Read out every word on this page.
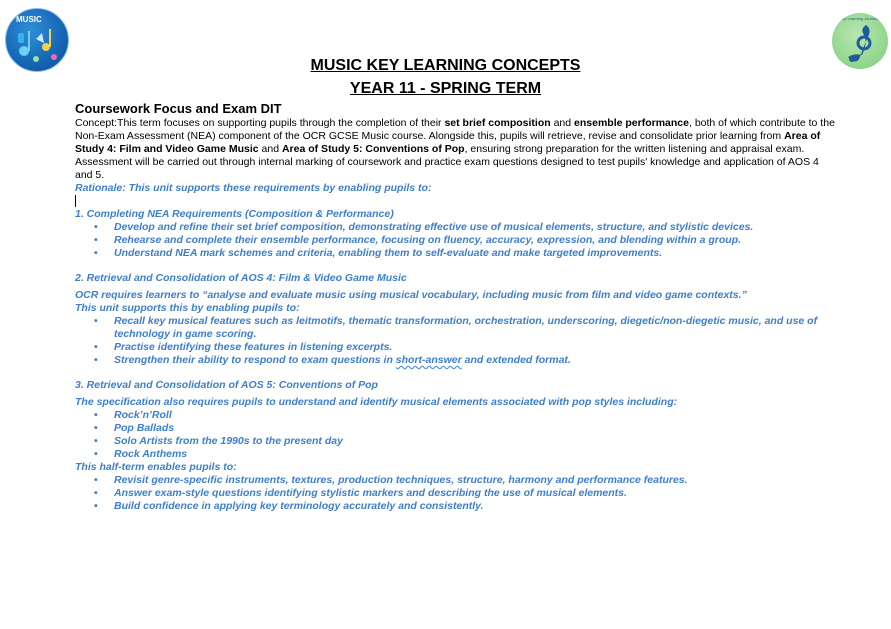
MUSIC	My Learning Journey
MUSIC KEY LEARNING CONCEPTS
YEAR 11 - SPRING TERM

Coursework Focus and Exam DIT

Concept:This term focuses on supporting pupils through the completion of their set brief composition and ensemble performance, both of which contribute to the Non-Exam Assessment (NEA) component of the OCR GCSE Music course. Alongside this, pupils will retrieve, revise and consolidate prior learning from Area of Study 4: Film and Video Game Music and Area of Study 5: Conventions of Pop, ensuring strong preparation for the written listening and appraisal exam. Assessment will be carried out through internal marking of coursework and practice exam questions designed to test pupils' knowledge and application of AOS 4 and 5.

Rationale: This unit supports these requirements by enabling pupils to:

1. Completing NEA Requirements (Composition & Performance)

• Develop and refine their set brief composition, demonstrating effective use of musical elements, structure, and stylistic devices.
• Rehearse and complete their ensemble performance, focusing on fluency, accuracy, expression, and blending within a group.
• Understand NEA mark schemes and criteria, enabling them to self-evaluate and make targeted improvements.

2. Retrieval and Consolidation of AOS 4: Film & Video Game Music

OCR requires learners to “analyse and evaluate music using musical vocabulary, including music from film and video game contexts.”

This unit supports this by enabling pupils to:

• Recall key musical features such as leitmotifs, thematic transformation, orchestration, underscoring, diegetic/non-diegetic music, and use of technology in game scoring.
• Practise identifying these features in listening excerpts.
• Strengthen their ability to respond to exam questions in short-answer and extended format.

3. Retrieval and Consolidation of AOS 5: Conventions of Pop

The specification also requires pupils to understand and identify musical elements associated with pop styles including:

• Rock’n’Roll
• Pop Ballads
• Solo Artists from the 1990s to the present day
• Rock Anthems

This half-term enables pupils to:

• Revisit genre-specific instruments, textures, production techniques, structure, harmony and performance features.
• Answer exam-style questions identifying stylistic markers and describing the use of musical elements.
• Build confidence in applying key terminology accurately and consistently.
